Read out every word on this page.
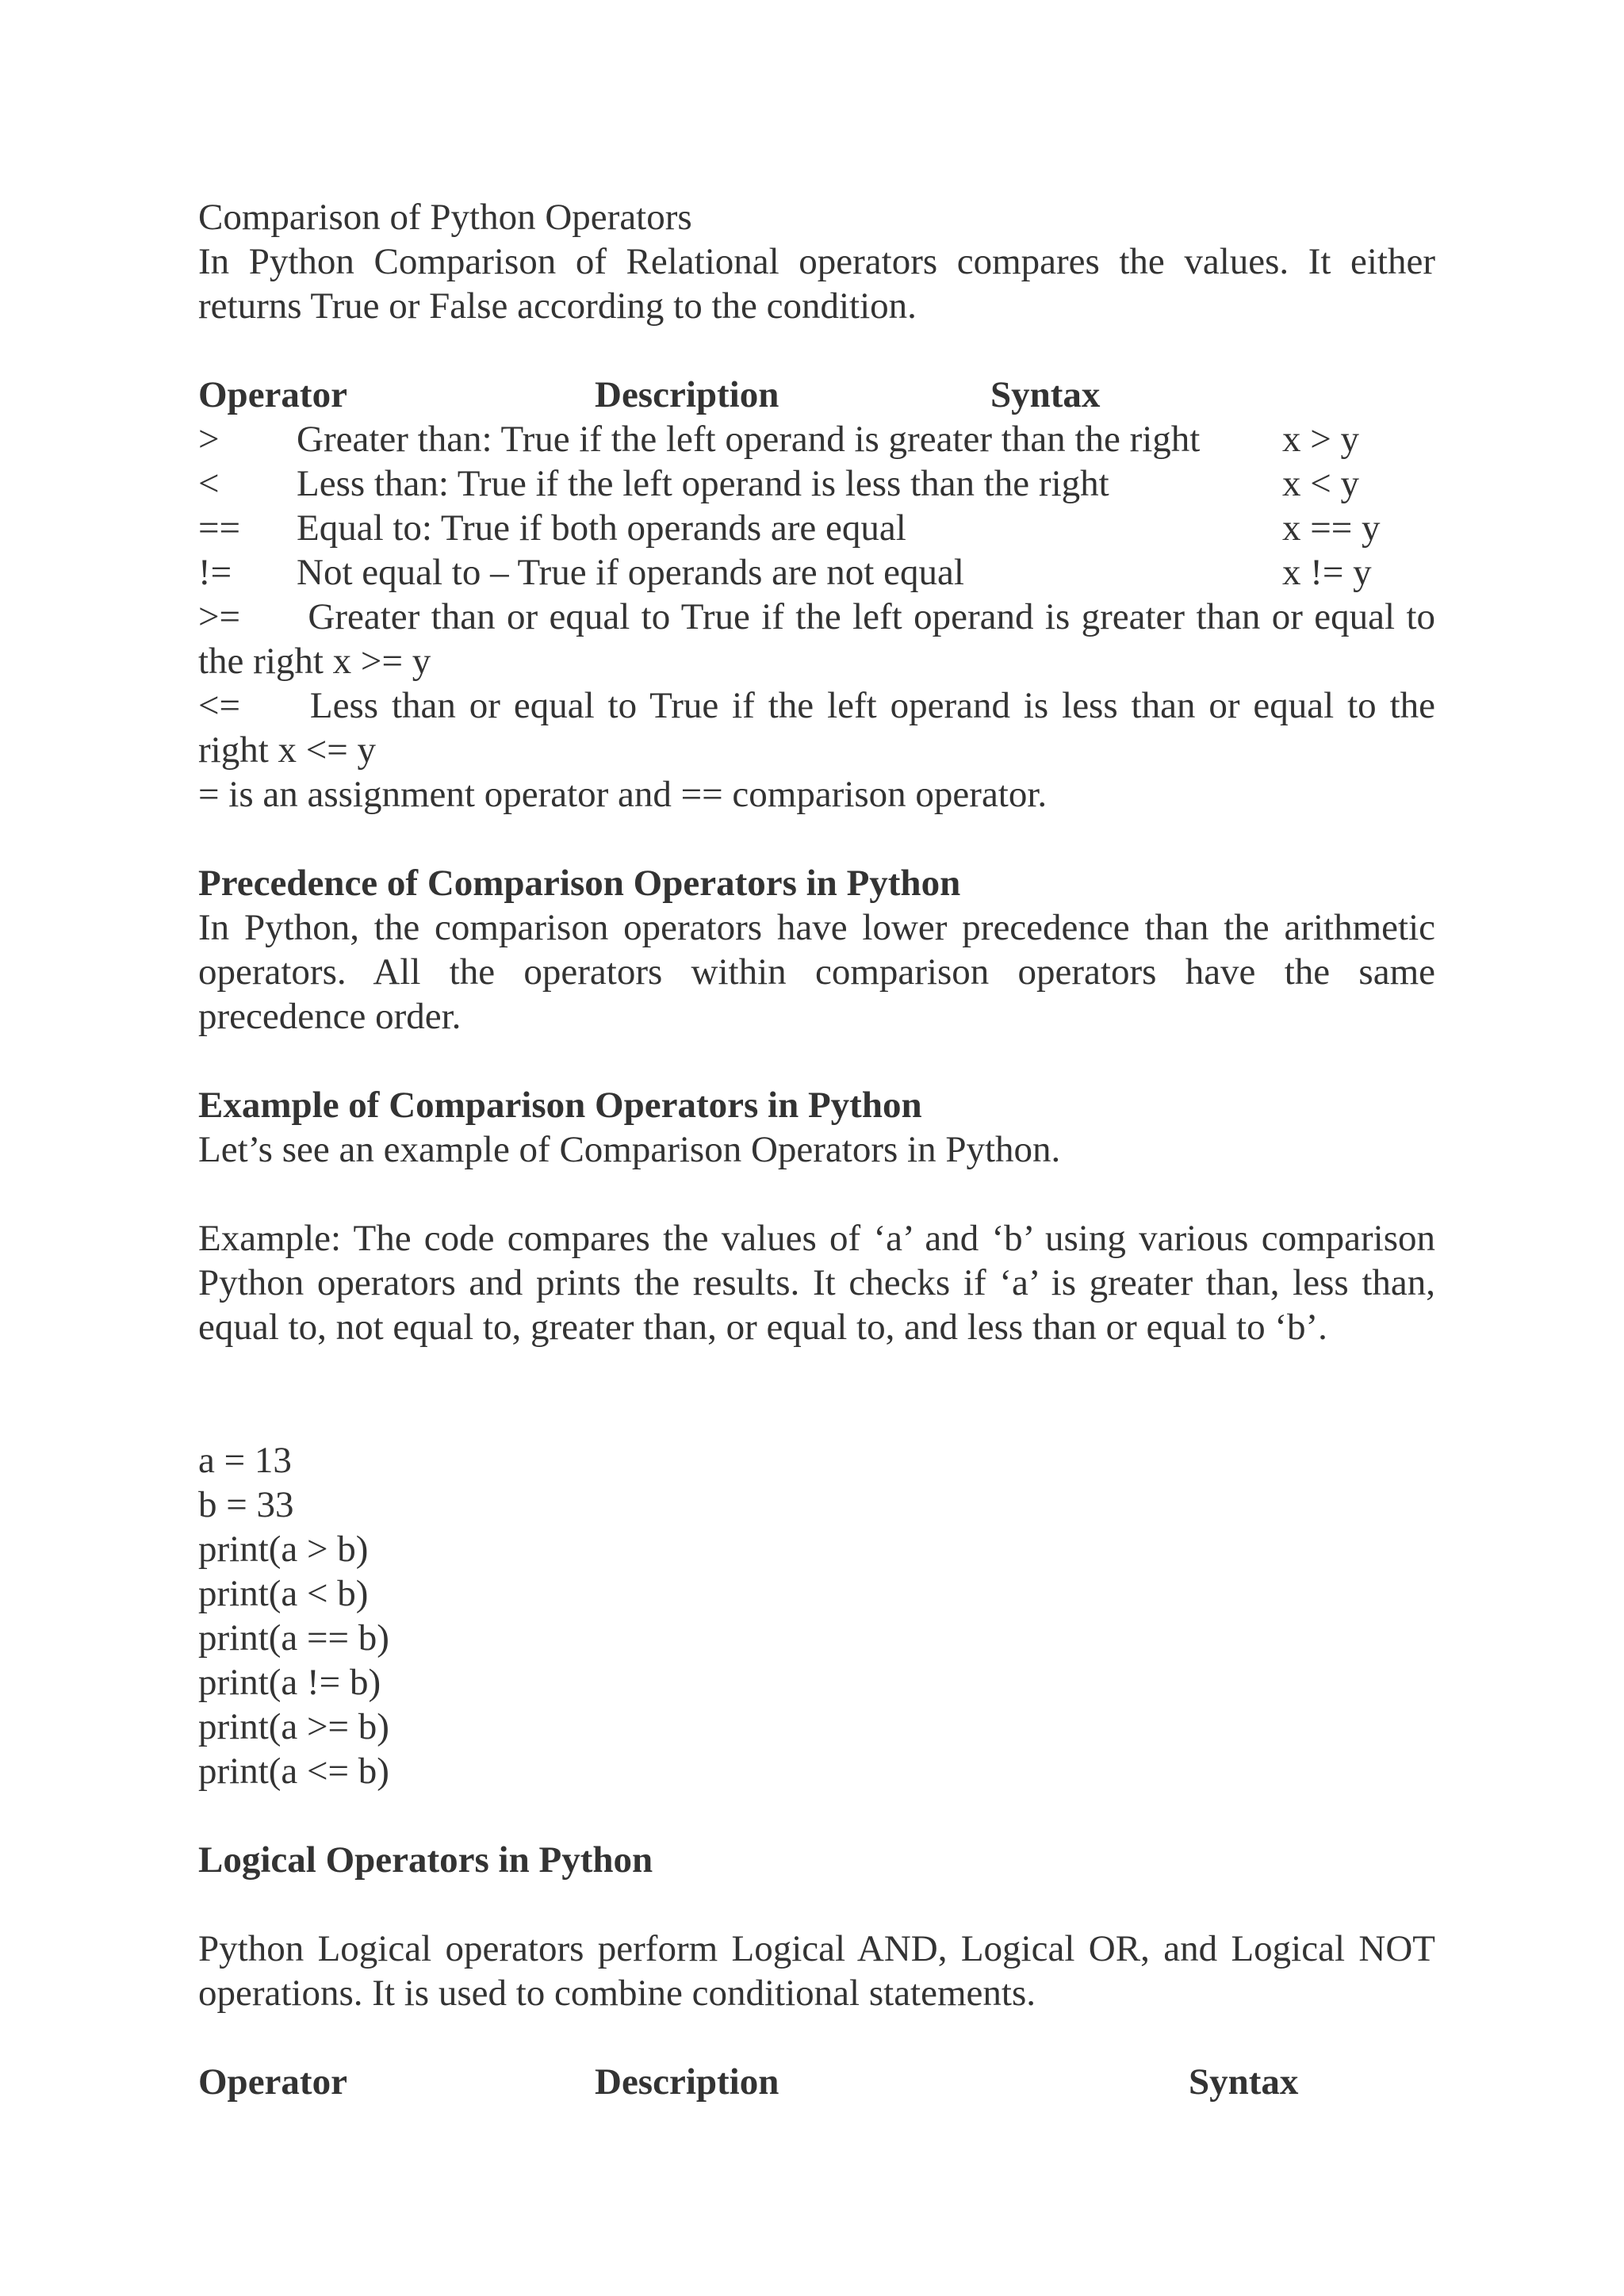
Comparison of Python Operators
In Python Comparison of Relational operators compares the values. It either
returns True or False according to the condition.
Operator	Description	Syntax
> Greater than: True if the left operand is greater than the right x > y
< Less than: True if the left operand is less than the right	x < y
== Equal to: True if both operands are equal	x == y
!= Not equal to – True if operands are not equal	x != y
>= Greater than or equal to True if the left operand is greater than or equal to
the right x >= y
<= Less than or equal to True if the left operand is less than or equal to the
right x <= y
= is an assignment operator and == comparison operator.
Precedence of Comparison Operators in Python
In Python, the comparison operators have lower precedence than the arithmetic
operators. All the operators within comparison operators have the same
precedence order.
Example of Comparison Operators in Python
Let’s see an example of Comparison Operators in Python.
Example: The code compares the values of ‘a’ and ‘b’ using various comparison
Python operators and prints the results. It checks if ‘a’ is greater than, less than,
equal to, not equal to, greater than, or equal to, and less than or equal to ‘b’.
a = 13
b = 33
print(a > b)
print(a < b)
print(a == b)
print(a != b)
print(a >= b)
print(a <= b)
Logical Operators in Python
Python Logical operators perform Logical AND, Logical OR, and Logical NOT
operations. It is used to combine conditional statements.
Operator	Description	Syntax
